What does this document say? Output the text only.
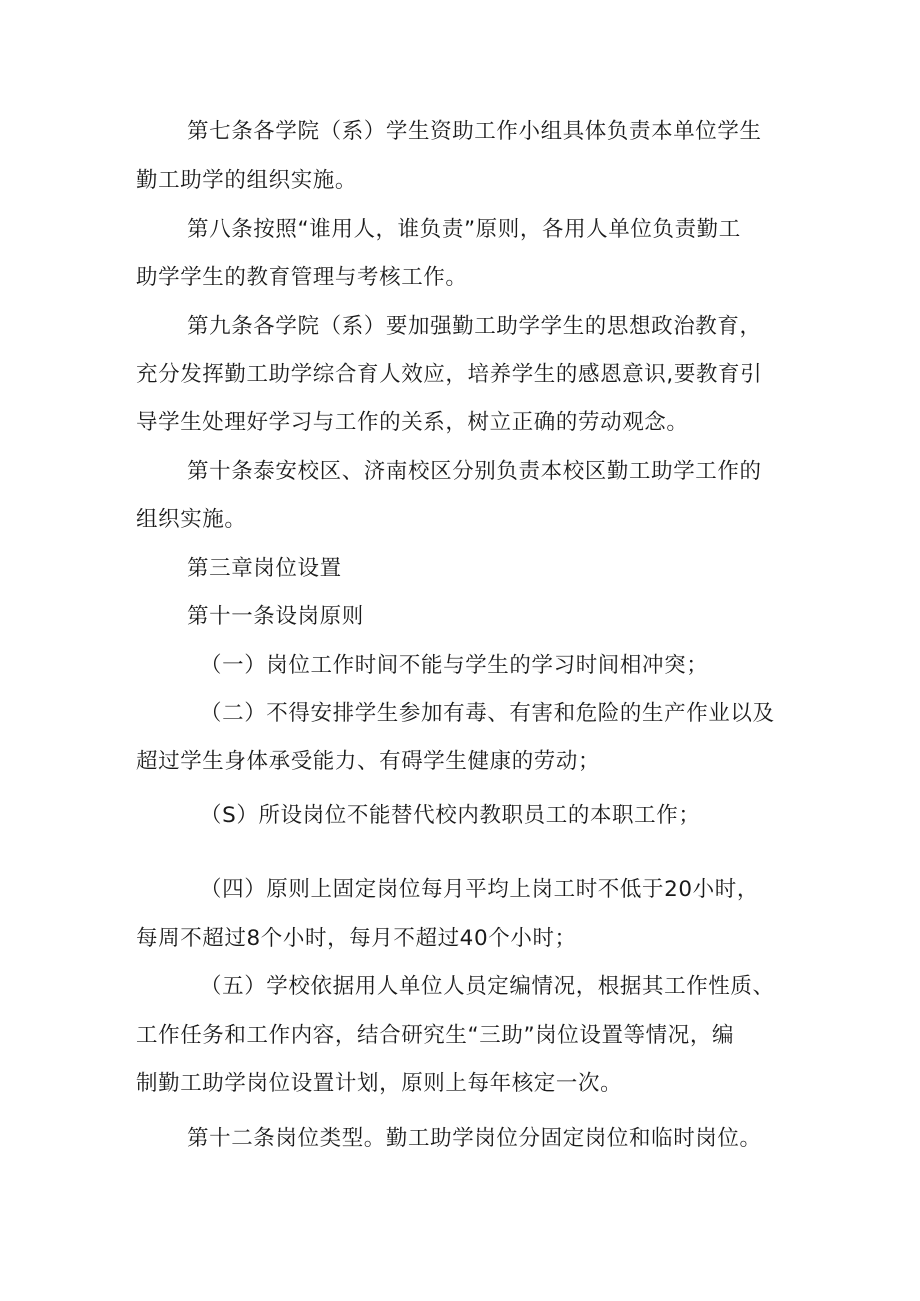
第七条各学院（系）学生资助工作小组具体负责本单位学生
勤工助学的组织实施。
第八条按照“谁用人，谁负责”原则，各用人单位负责勤工
助学学生的教育管理与考核工作。
第九条各学院（系）要加强勤工助学学生的思想政治教育，
充分发挥勤工助学综合育人效应，培养学生的感恩意识,要教育引
导学生处理好学习与工作的关系，树立正确的劳动观念。
第十条泰安校区、济南校区分别负责本校区勤工助学工作的
组织实施。
第三章岗位设置
第十一条设岗原则
（一）岗位工作时间不能与学生的学习时间相冲突；
（二）不得安排学生参加有毒、有害和危险的生产作业以及
超过学生身体承受能力、有碍学生健康的劳动；
（S）所设岗位不能替代校内教职员工的本职工作；
（四）原则上固定岗位每月平均上岗工时不低于20小时，
每周不超过8个小时，每月不超过40个小时；
（五）学校依据用人单位人员定编情况，根据其工作性质、
工作任务和工作内容，结合研究生“三助”岗位设置等情况，编
制勤工助学岗位设置计划，原则上每年核定一次。
第十二条岗位类型。勤工助学岗位分固定岗位和临时岗位。
